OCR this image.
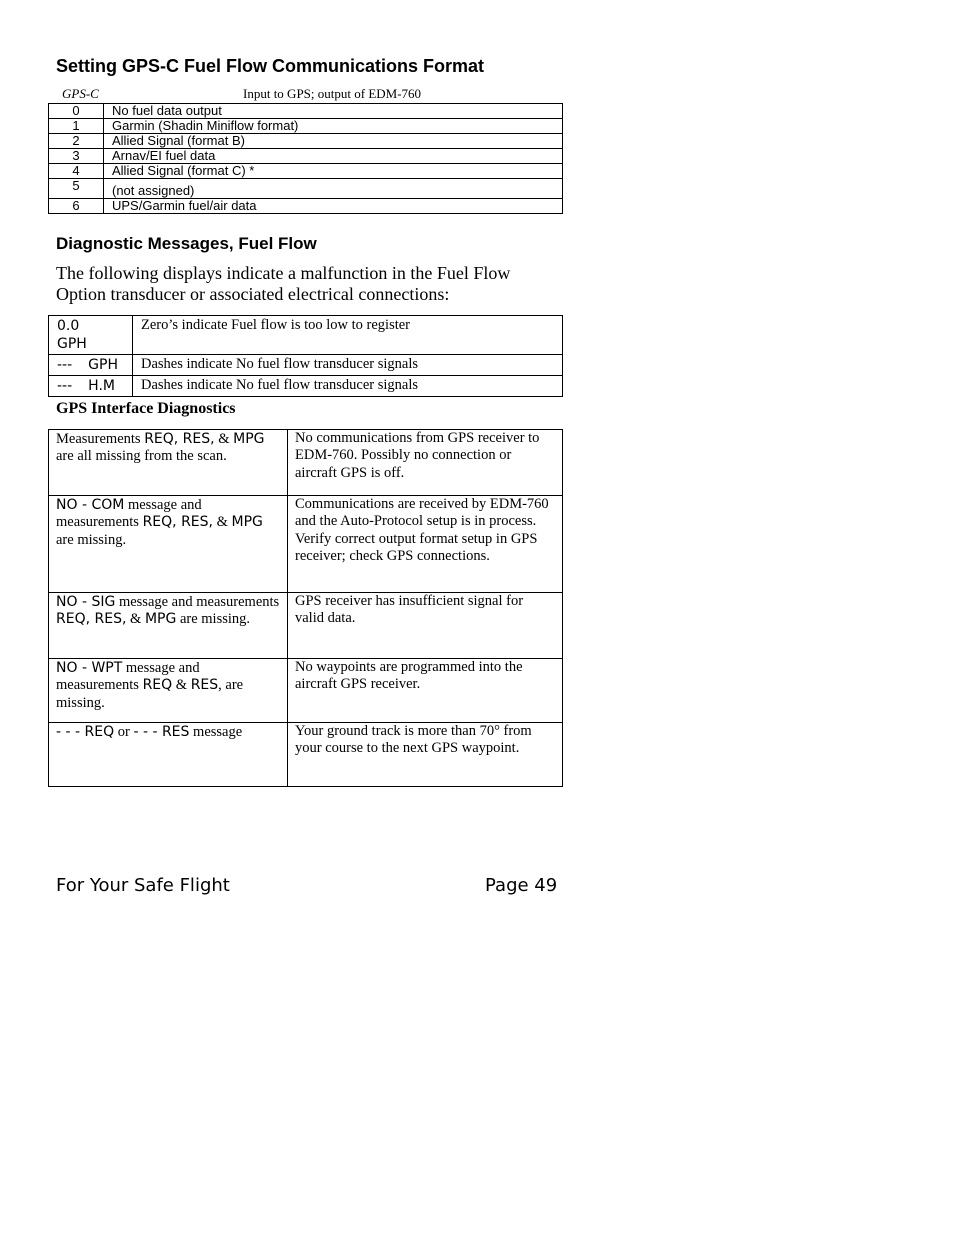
Setting GPS-C Fuel Flow Communications Format
GPS-C	Input to GPS; output of EDM-760
0	No fuel data output
1	Garmin (Shadin Miniflow format)
2	Allied Signal (format B)
3	Arnav/EI fuel data
4	Allied Signal (format C) *
5	(not assigned)
6	UPS/Garmin fuel/air data
Diagnostic Messages, Fuel Flow

The following displays indicate a malfunction in the Fuel Flow Option transducer or associated electrical connections:

0.0
GPH	Zero’s indicate Fuel flow is too low to register
--- GPH	Dashes indicate No fuel flow transducer signals
--- H.M	Dashes indicate No fuel flow transducer signals
GPS Interface Diagnostics
Measurements REQ, RES, & MPG are all missing from the scan.	No communications from GPS receiver to EDM-760. Possibly no connection or aircraft GPS is off.
NO - COM message and measurements REQ, RES, & MPG are missing.	Communications are received by EDM-760 and the Auto-Protocol setup is in process. Verify correct output format setup in GPS receiver; check GPS connections.
NO - SIG message and measurements REQ, RES, & MPG are missing.	GPS receiver has insufficient signal for valid data.
NO - WPT message and measurements REQ & RES, are missing.	No waypoints are programmed into the aircraft GPS receiver.
- - - REQ or - - - RES message	Your ground track is more than 70° from your course to the next GPS waypoint.
For Your Safe Flight	Page 49
